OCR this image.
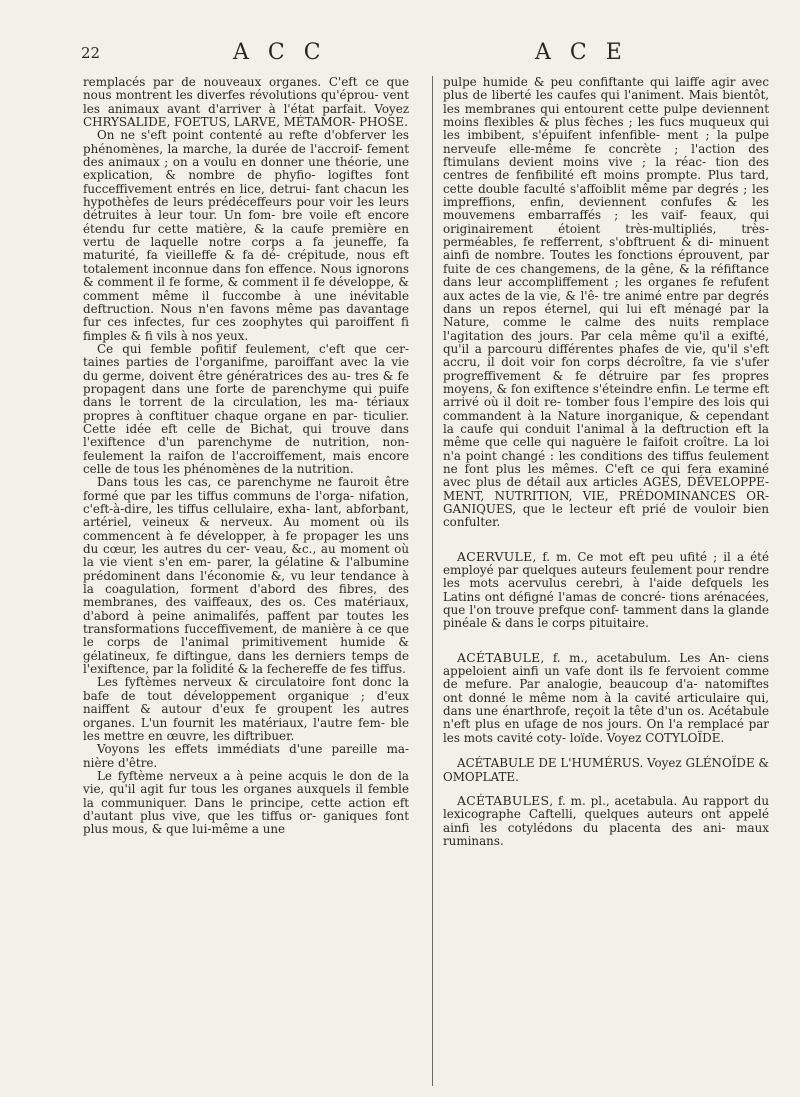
22	A C C	A C E

remplacés par de nouveaux organes. C'eft ce que nous montrent les diverfes révolutions qu'éprou- vent les animaux avant d'arriver à l'état parfait. Voyez CHRYSALIDE, FOETUS, LARVE, MÉTAMOR- PHOSE.

On ne s'eft point contenté au refte d'obferver les phénomènes, la marche, la durée de l'accroif- fement des animaux ; on a voulu en donner une théorie, une explication, & nombre de phyfio- logiftes font fucceffivement entrés en lice, detrui- fant chacun les hypothèfes de leurs prédéceffeurs pour voir les leurs détruites à leur tour. Un fom- bre voile eft encore étendu fur cette matière, & la caufe première en vertu de laquelle notre corps a fa jeuneffe, fa maturité, fa vieilleffe & fa dé- crépitude, nous eft totalement inconnue dans fon effence. Nous ignorons & comment il fe forme, & comment il fe développe, & comment même il fuccombe à une inévitable deftruction. Nous n'en favons même pas davantage fur ces infectes, fur ces zoophytes qui paroiffent fi fimples & fi vils à nos yeux.

Ce qui femble pofitif feulement, c'eft que cer- taines parties de l'organifme, paroiffant avec la vie du germe, doivent être génératrices des au- tres & fe propagent dans une forte de parenchyme qui puife dans le torrent de la circulation, les ma- tériaux propres à conftituer chaque organe en par- ticulier. Cette idée eft celle de Bichat, qui trouve dans l'exiftence d'un parenchyme de nutrition, non- feulement la raifon de l'accroiffement, mais encore celle de tous les phénomènes de la nutrition.

Dans tous les cas, ce parenchyme ne fauroit être formé que par les tiffus communs de l'orga- nifation, c'eft-à-dire, les tiffus cellulaire, exha- lant, abforbant, artériel, veineux & nerveux. Au moment où ils commencent à fe développer, à fe propager les uns du cœur, les autres du cer- veau, &c., au moment où la vie vient s'en em- parer, la gélatine & l'albumine prédominent dans l'économie &, vu leur tendance à la coagulation, forment d'abord des fibres, des membranes, des vaiffeaux, des os. Ces matériaux, d'abord à peine animalifés, paffent par toutes les transformations fucceffivement, de manière à ce que le corps de l'animal primitivement humide & gélatineux, fe diftingue, dans les derniers temps de l'exiftence, par la folidité & la fechereffe de fes tiffus.

Les fyftèmes nerveux & circulatoire font donc la bafe de tout développement organique ; d'eux naiffent & autour d'eux fe groupent les autres organes. L'un fournit les matériaux, l'autre fem- ble les mettre en œuvre, les diftribuer.

Voyons les effets immédiats d'une pareille ma- nière d'être.

Le fyftème nerveux a à peine acquis le don de la vie, qu'il agit fur tous les organes auxquels il femble la communiquer. Dans le principe, cette action eft d'autant plus vive, que les tiffus or- ganiques font plus mous, & que lui-même a une

pulpe humide & peu confiftante qui laiffe agir avec plus de liberté les caufes qui l'animent. Mais bientôt, les membranes qui entourent cette pulpe deviennent moins flexibles & plus fèches ; les fucs muqueux qui les imbibent, s'épuifent infenfible- ment ; la pulpe nerveufe elle-même fe concrète ; l'action des ftimulans devient moins vive ; la réac- tion des centres de fenfibilité eft moins prompte. Plus tard, cette double faculté s'affoiblit même par degrés ; les impreffions, enfin, deviennent confufes & les mouvemens embarraffés ; les vaif- feaux, qui originairement étoient très-multipliés, très-perméables, fe refferrent, s'obftruent & di- minuent ainfi de nombre. Toutes les fonctions éprouvent, par fuite de ces changemens, de la gêne, & la réfiftance dans leur accompliffement ; les organes fe refufent aux actes de la vie, & l'ê- tre animé entre par degrés dans un repos éternel, qui lui eft ménagé par la Nature, comme le calme des nuits remplace l'agitation des jours. Par cela même qu'il a exifté, qu'il a parcouru différentes phafes de vie, qu'il s'eft accru, il doit voir fon corps décroître, fa vie s'ufer progreffivement & fe détruire par fes propres moyens, & fon exiftence s'éteindre enfin. Le terme eft arrivé où il doit re- tomber fous l'empire des lois qui commandent à la Nature inorganique, & cependant la caufe qui conduit l'animal à la deftruction eft la même que celle qui naguère le faifoit croître. La loi n'a point changé : les conditions des tiffus feulement ne font plus les mêmes. C'eft ce qui fera examiné avec plus de détail aux articles AGES, DÉVELOPPE- MENT, NUTRITION, VIE, PRÉDOMINANCES OR- GANIQUES, que le lecteur eft prié de vouloir bien confulter.

ACERVULE, f. m. Ce mot eft peu ufité ; il a été employé par quelques auteurs feulement pour rendre les mots acervulus cerebri, à l'aide defquels les Latins ont défigné l'amas de concré- tions arénacées, que l'on trouve prefque conf- tamment dans la glande pinéale & dans le corps pituitaire.

ACÉTABULE, f. m., acetabulum. Les An- ciens appeloient ainfi un vafe dont ils fe fervoient comme de mefure. Par analogie, beaucoup d'a- natomiftes ont donné le même nom à la cavité articulaire qui, dans une énarthrofe, reçoit la tête d'un os. Acétabule n'eft plus en ufage de nos jours. On l'a remplacé par les mots cavité coty- loïde. Voyez COTYLOÏDE.

ACÉTABULE DE L'HUMÉRUS. Voyez GLÉNOÏDE & OMOPLATE.

ACÉTABULES, f. m. pl., acetabula. Au rapport du lexicographe Caftelli, quelques auteurs ont appelé ainfi les cotylédons du placenta des ani- maux ruminans.
